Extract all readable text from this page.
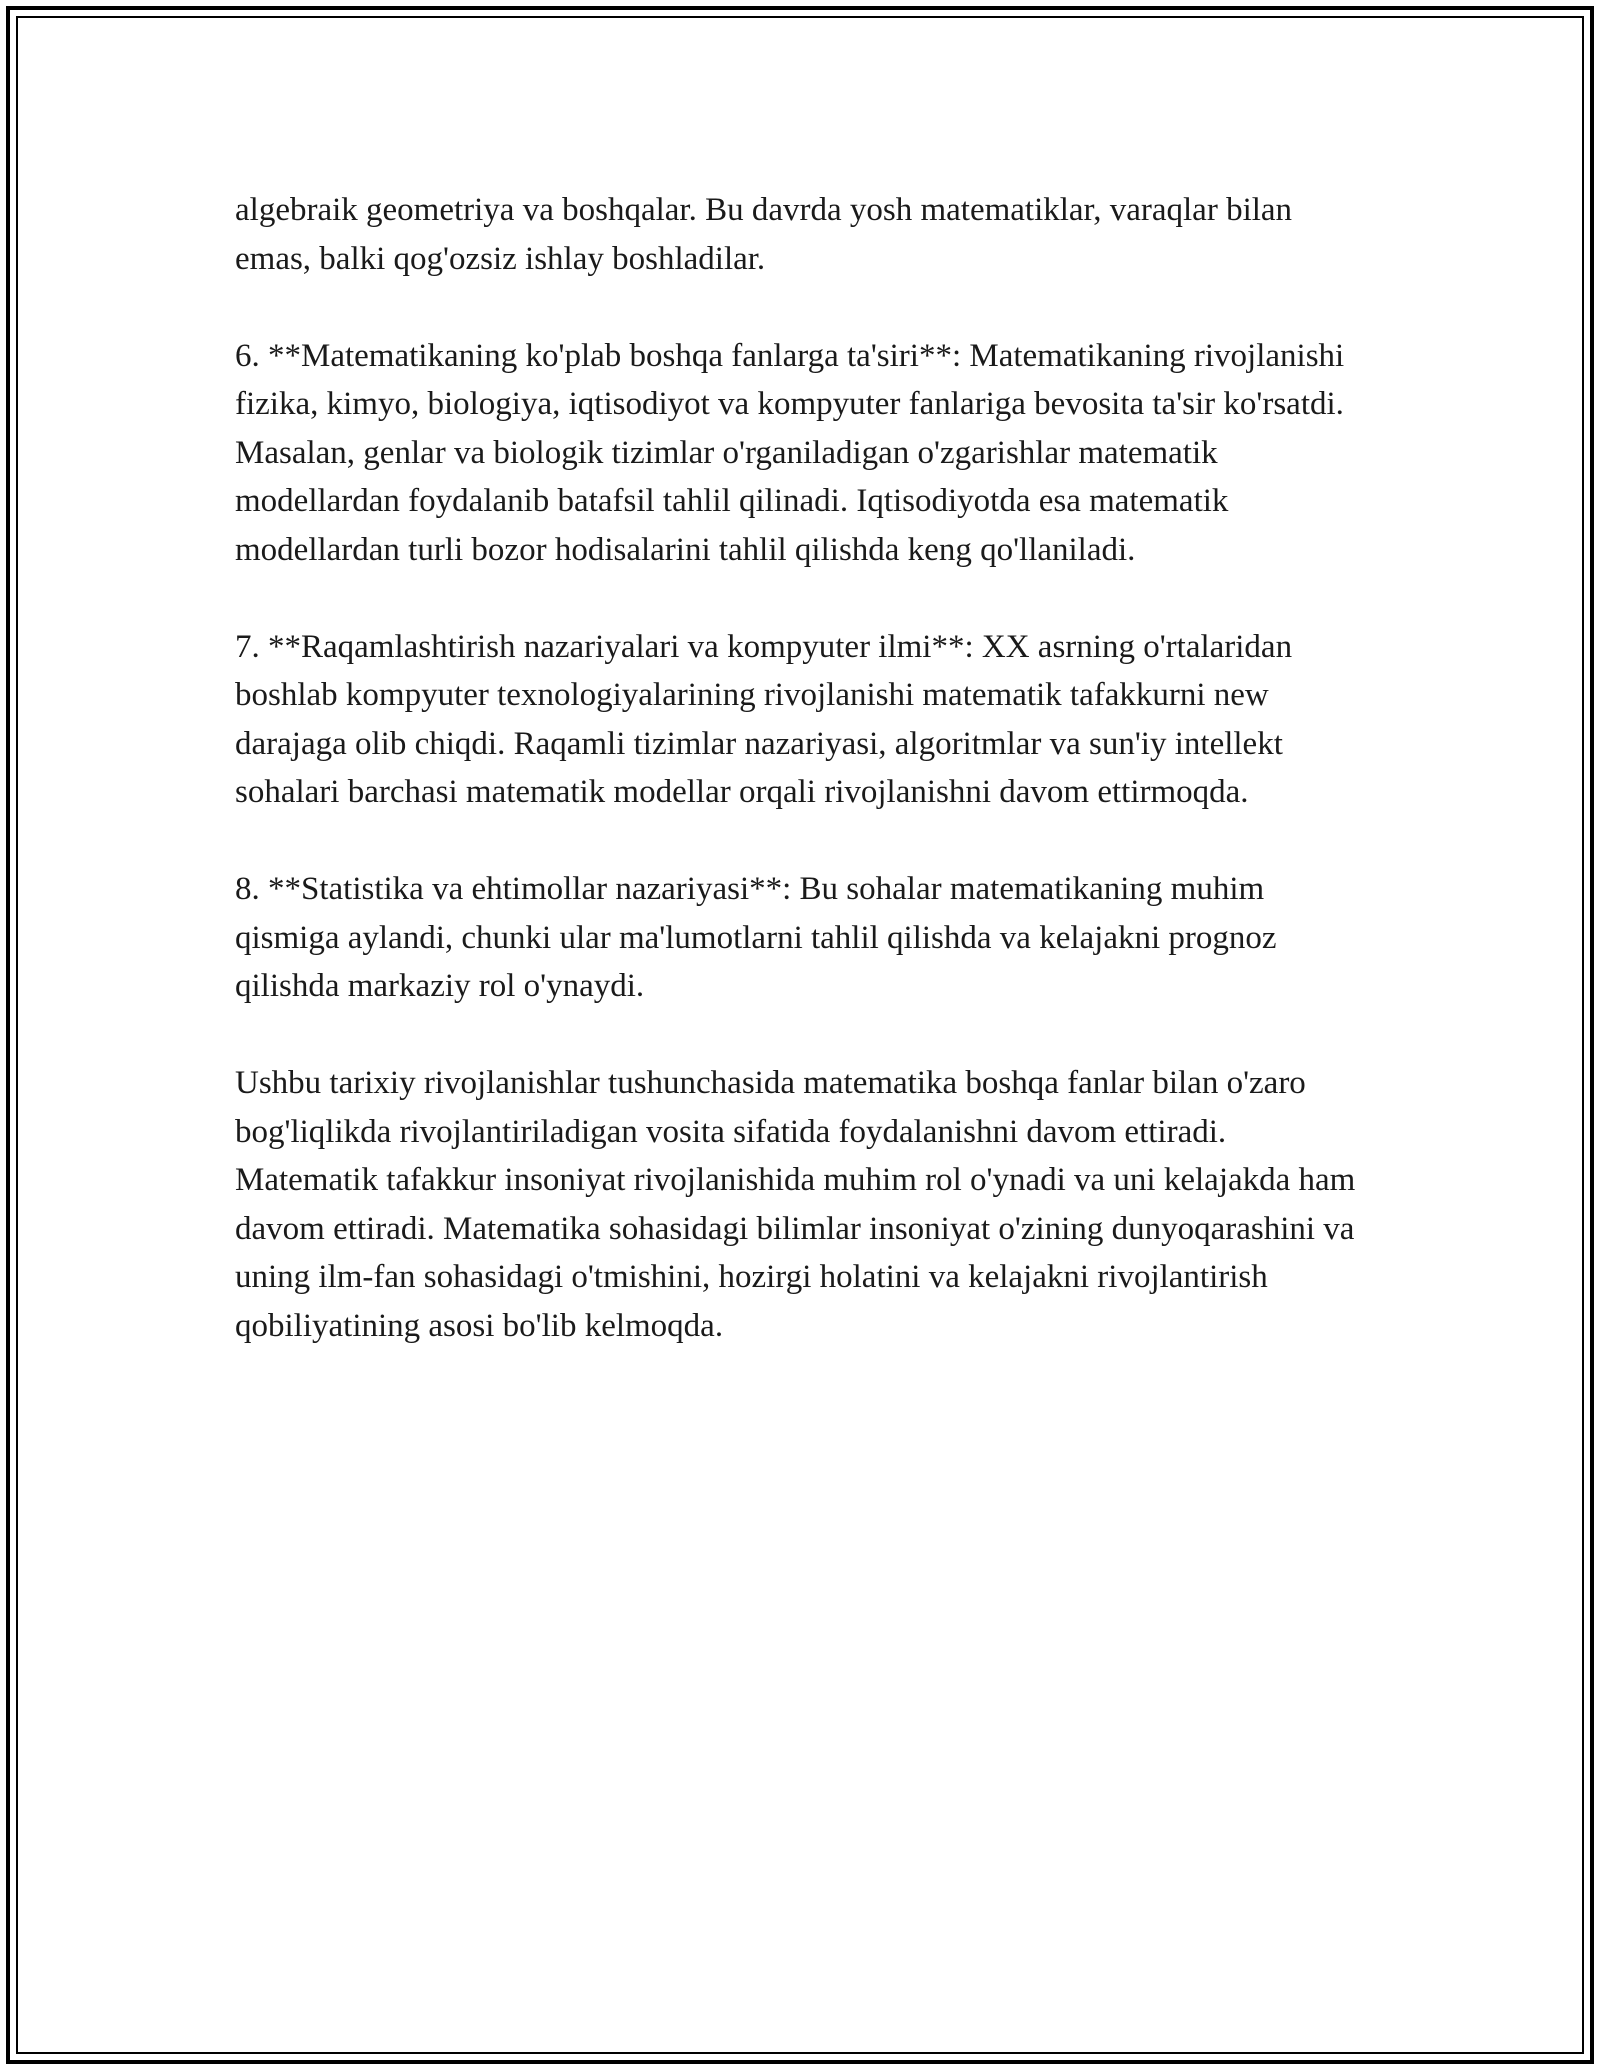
algebraik geometriya va boshqalar. Bu davrda yosh matematiklar, varaqlar bilan emas, balki qog'ozsiz ishlay boshladilar.

6. **Matematikaning ko'plab boshqa fanlarga ta'siri**: Matematikaning rivojlanishi fizika, kimyo, biologiya, iqtisodiyot va kompyuter fanlariga bevosita ta'sir ko'rsatdi. Masalan, genlar va biologik tizimlar o'rganiladigan o'zgarishlar matematik modellardan foydalanib batafsil tahlil qilinadi. Iqtisodiyotda esa matematik modellardan turli bozor hodisalarini tahlil qilishda keng qo'llaniladi.

7. **Raqamlashtirish nazariyalari va kompyuter ilmi**: XX asrning o'rtalaridan boshlab kompyuter texnologiyalarining rivojlanishi matematik tafakkurni new darajaga olib chiqdi. Raqamli tizimlar nazariyasi, algoritmlar va sun'iy intellekt sohalari barchasi matematik modellar orqali rivojlanishni davom ettirmoqda.

8. **Statistika va ehtimollar nazariyasi**: Bu sohalar matematikaning muhim qismiga aylandi, chunki ular ma'lumotlarni tahlil qilishda va kelajakni prognoz qilishda markaziy rol o'ynaydi.

Ushbu tarixiy rivojlanishlar tushunchasida matematika boshqa fanlar bilan o'zaro bog'liqlikda rivojlantiriladigan vosita sifatida foydalanishni davom ettiradi. Matematik tafakkur insoniyat rivojlanishida muhim rol o'ynadi va uni kelajakda ham davom ettiradi. Matematika sohasidagi bilimlar insoniyat o'zining dunyoqarashini va uning ilm-fan sohasidagi o'tmishini, hozirgi holatini va kelajakni rivojlantirish qobiliyatining asosi bo'lib kelmoqda.
